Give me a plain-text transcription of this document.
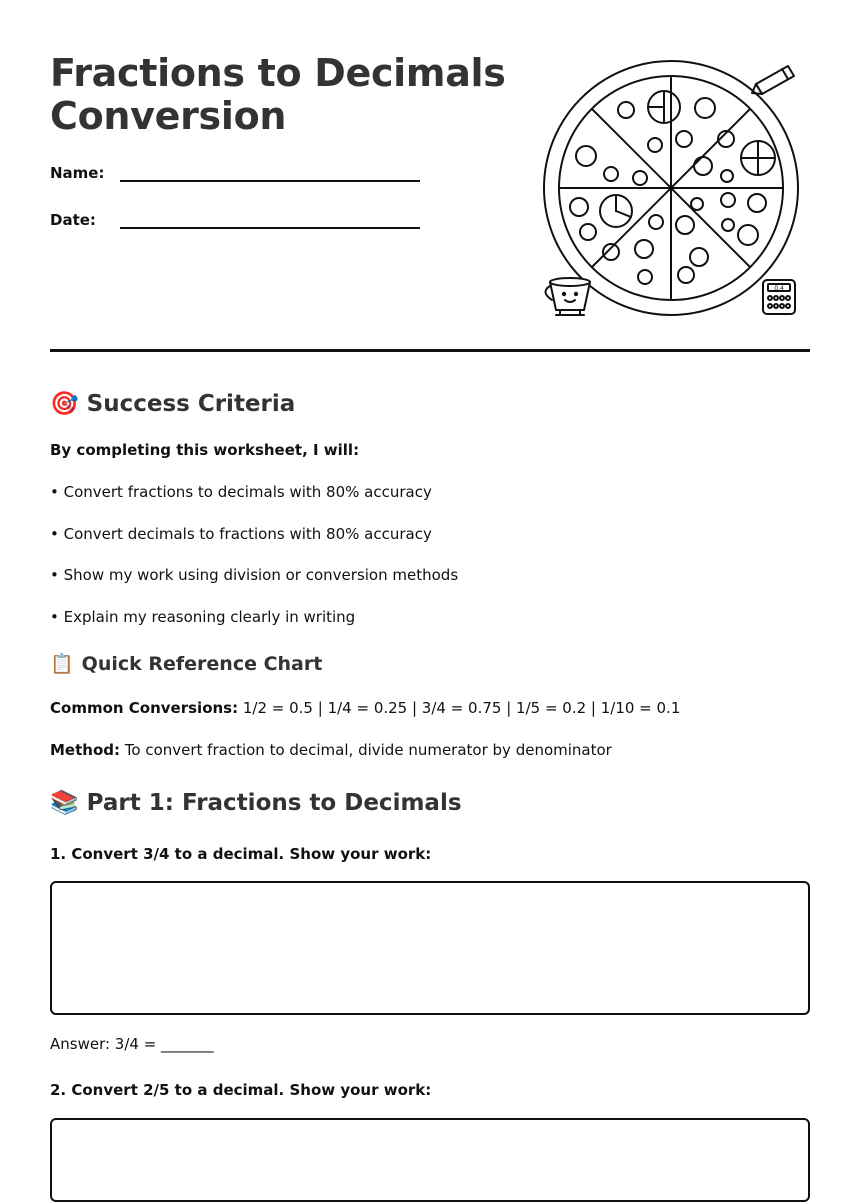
Fractions to Decimals
Conversion
Name:
Date:
0.4
🎯 Success Criteria
By completing this worksheet, I will:
• Convert fractions to decimals with 80% accuracy
• Convert decimals to fractions with 80% accuracy
• Show my work using division or conversion methods
• Explain my reasoning clearly in writing
📋 Quick Reference Chart
Common Conversions: 1/2 = 0.5 | 1/4 = 0.25 | 3/4 = 0.75 | 1/5 = 0.2 | 1/10 = 0.1
Method: To convert fraction to decimal, divide numerator by denominator
📚 Part 1: Fractions to Decimals
1. Convert 3/4 to a decimal. Show your work:
Answer: 3/4 = _______
2. Convert 2/5 to a decimal. Show your work:
